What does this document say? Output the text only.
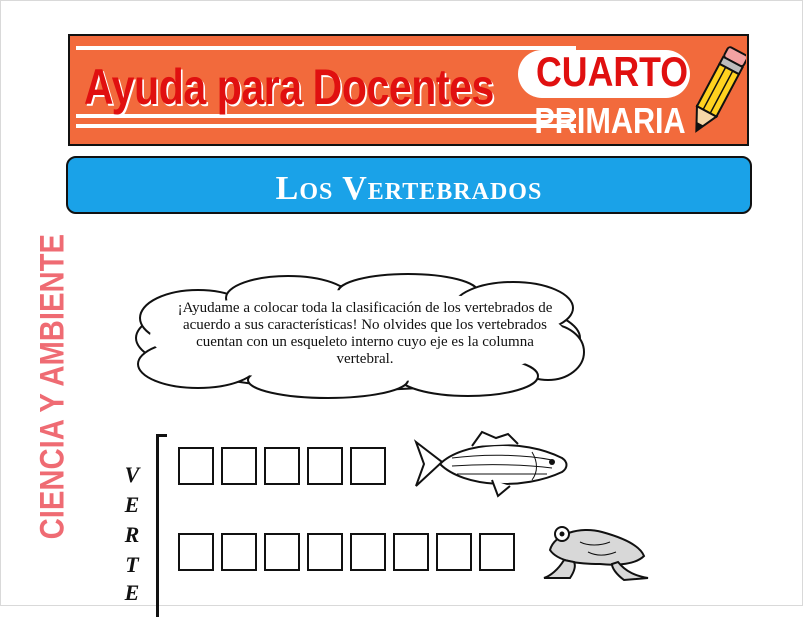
Ayuda para Docentes CUARTO
PRIMARIA
Los Vertebrados
CIENCIA Y AMBIENTE	¡Ayudame a colocar toda la clasificación de los vertebrados de acuerdo a sus características! No olvides que los vertebrados cuentan con un esqueleto interno cuyo eje es la columna vertebral.
V
E
R
T
E
